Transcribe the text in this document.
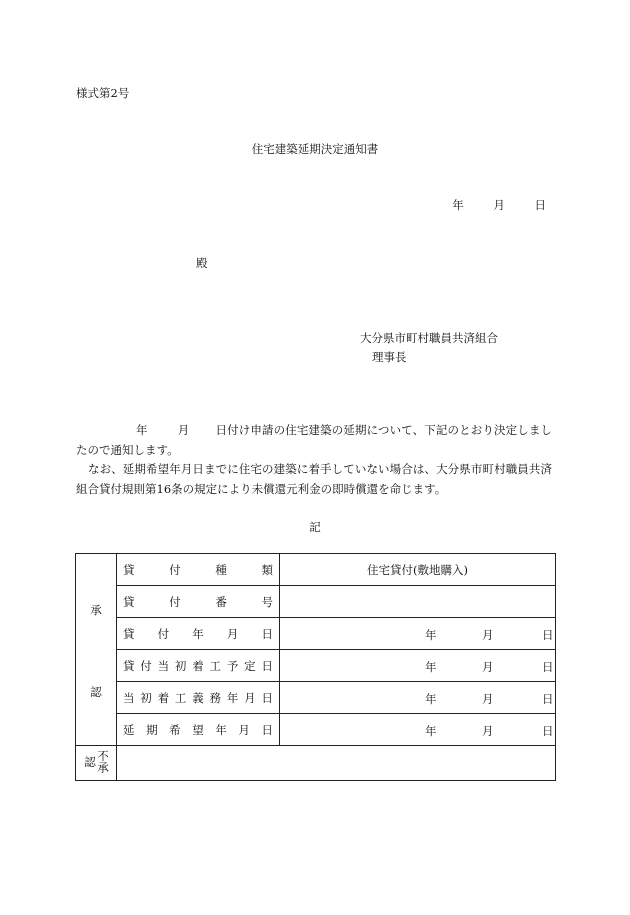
様式第2号
住宅建築延期決定通知書
年	月	日
殿
大分県市町村職員共済組合
理事長
年	月 日付け申請の住宅建築の延期について、下記のとおり決定しましたので通知します。
なお、延期希望年月日までに住宅の建築に着手していない場合は、大分県市町村職員共済組合貸付規則第16条の規定により未償還元利金の即時償還を命じます。
記
承
認	貸付種類	住宅貸付(敷地購入)

	貸付番号	

	貸付年月日	年 月 日

	貸付当初着工予定日	年 月 日

	当初着工義務年月日	年 月 日

	延期希望年月日	年 月 日

不承認		
